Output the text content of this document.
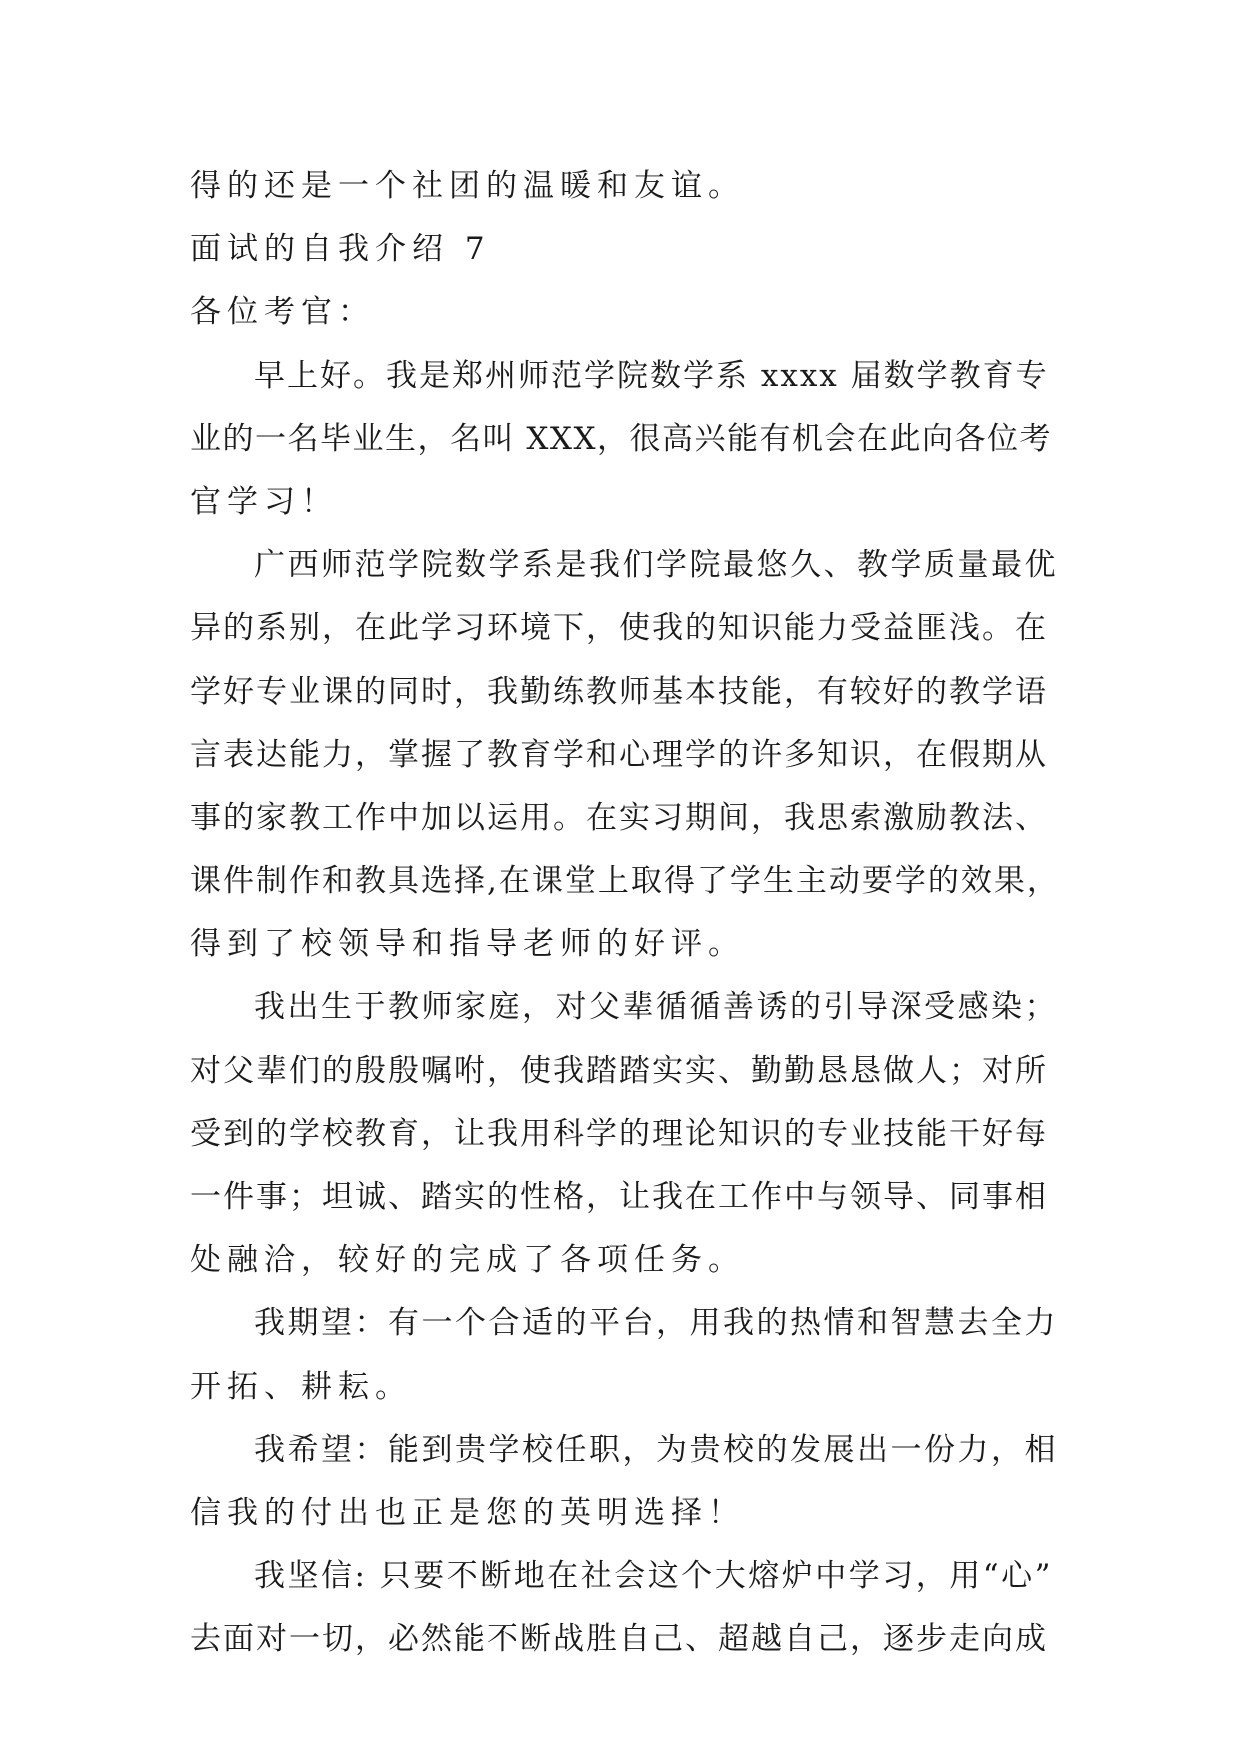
得的还是一个社团的温暖和友谊。
面试的自我介绍 7
各位考官：
早上好。我是郑州师范学院数学系 xxxx 届数学教育专
业的一名毕业生，名叫 XXX，很高兴能有机会在此向各位考
官学习！
广西师范学院数学系是我们学院最悠久、教学质量最优
异的系别，在此学习环境下，使我的知识能力受益匪浅。在
学好专业课的同时，我勤练教师基本技能，有较好的教学语
言表达能力，掌握了教育学和心理学的许多知识，在假期从
事的家教工作中加以运用。在实习期间，我思索激励教法、
课件制作和教具选择,在课堂上取得了学生主动要学的效果，
得到了校领导和指导老师的好评。
我出生于教师家庭，对父辈循循善诱的引导深受感染；
对父辈们的殷殷嘱咐，使我踏踏实实、勤勤恳恳做人；对所
受到的学校教育，让我用科学的理论知识的专业技能干好每
一件事；坦诚、踏实的性格，让我在工作中与领导、同事相
处融洽，较好的完成了各项任务。
我期望：有一个合适的平台，用我的热情和智慧去全力
开拓、耕耘。
我希望：能到贵学校任职，为贵校的发展出一份力，相
信我的付出也正是您的英明选择！
我坚信: 只要不断地在社会这个大熔炉中学习，用“心”
去面对一切，必然能不断战胜自己、超越自己，逐步走向成
